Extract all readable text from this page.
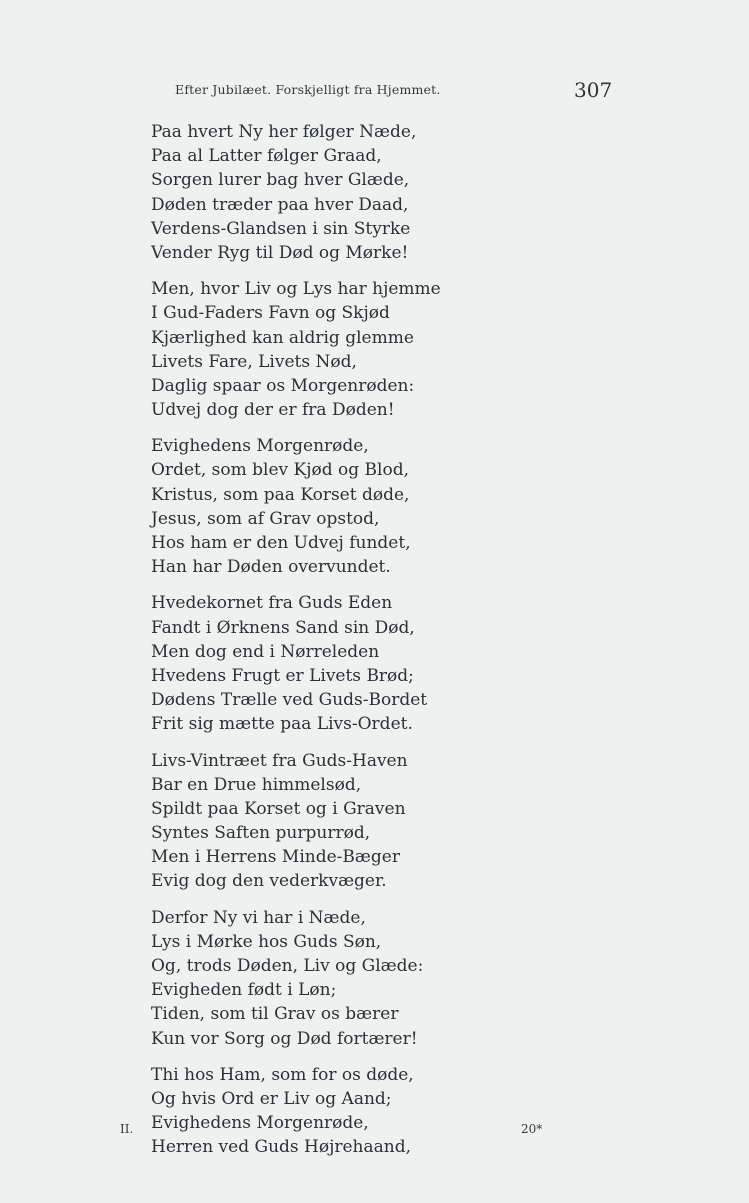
Efter Jubilæet. Forskjelligt fra Hjemmet.	307
Paa hvert Ny her følger Næde,
Paa al Latter følger Graad,
Sorgen lurer bag hver Glæde,
Døden træder paa hver Daad,
Verdens-Glandsen i sin Styrke
Vender Ryg til Død og Mørke!
Men, hvor Liv og Lys har hjemme
I Gud-Faders Favn og Skjød
Kjærlighed kan aldrig glemme
Livets Fare, Livets Nød,
Daglig spaar os Morgenrøden:
Udvej dog der er fra Døden!
Evighedens Morgenrøde,
Ordet, som blev Kjød og Blod,
Kristus, som paa Korset døde,
Jesus, som af Grav opstod,
Hos ham er den Udvej fundet,
Han har Døden overvundet.
Hvedekornet fra Guds Eden
Fandt i Ørknens Sand sin Død,
Men dog end i Nørreleden
Hvedens Frugt er Livets Brød;
Dødens Trælle ved Guds-Bordet
Frit sig mætte paa Livs-Ordet.
Livs-Vintræet fra Guds-Haven
Bar en Drue himmelsød,
Spildt paa Korset og i Graven
Syntes Saften purpurrød,
Men i Herrens Minde-Bæger
Evig dog den vederkvæger.
Derfor Ny vi har i Næde,
Lys i Mørke hos Guds Søn,
Og, trods Døden, Liv og Glæde:
Evigheden født i Løn;
Tiden, som til Grav os bærer
Kun vor Sorg og Død fortærer!
Thi hos Ham, som for os døde,
Og hvis Ord er Liv og Aand;
Evighedens Morgenrøde,
Herren ved Guds Højrehaand,
II.	20*
